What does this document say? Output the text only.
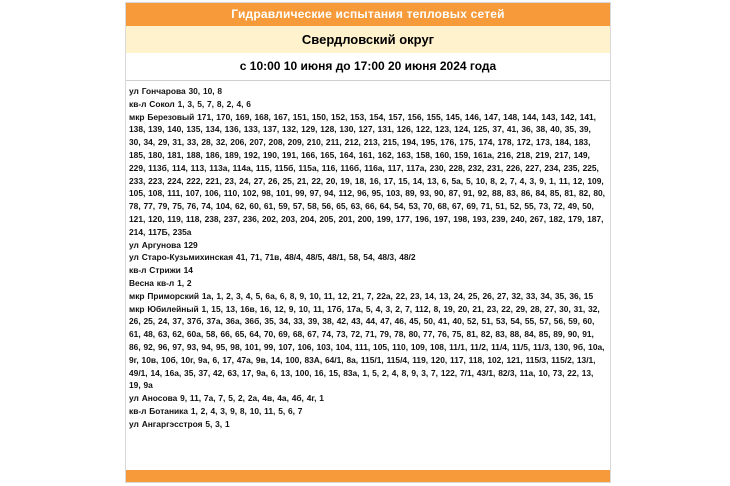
Гидравлические испытания тепловых сетей
Свердловский округ
с 10:00 10 июня до 17:00 20 июня 2024 года
ул Гончарова 30, 10, 8
кв-л Сокол 1, 3, 5, 7, 8, 2, 4, 6
мкр Березовый 171, 170, 169, 168, 167, 151, 150, 152, 153, 154, 157, 156, 155, 145, 146, 147, 148, 144, 143, 142, 141, 138, 139, 140, 135, 134, 136, 133, 137, 132, 129, 128, 130, 127, 131, 126, 122, 123, 124, 125, 37, 41, 36, 38, 40, 35, 39, 30, 34, 29, 31, 33, 28, 32, 206, 207, 208, 209, 210, 211, 212, 213, 215, 194, 195, 176, 175, 174, 178, 172, 173, 184, 183, 185, 180, 181, 188, 186, 189, 192, 190, 191, 166, 165, 164, 161, 162, 163, 158, 160, 159, 161а, 216, 218, 219, 217, 149, 229, 113б, 114, 113, 113а, 114а, 115, 115б, 115а, 116, 116б, 116а, 117, 117а, 230, 228, 232, 231, 226, 227, 234, 235, 225, 233, 223, 224, 222, 221, 23, 24, 27, 26, 25, 21, 22, 20, 19, 18, 16, 17, 15, 14, 13, 6, 5а, 5, 10, 8, 2, 7, 4, 3, 9, 1, 11, 12, 109, 105, 108, 111, 107, 106, 110, 102, 98, 101, 99, 97, 94, 112, 96, 95, 103, 89, 93, 90, 87, 91, 92, 88, 83, 86, 84, 85, 81, 82, 80, 78, 77, 79, 75, 76, 74, 104, 62, 60, 61, 59, 57, 58, 56, 65, 63, 66, 64, 54, 53, 70, 68, 67, 69, 71, 51, 52, 55, 73, 72, 49, 50, 121, 120, 119, 118, 238, 237, 236, 202, 203, 204, 205, 201, 200, 199, 177, 196, 197, 198, 193, 239, 240, 267, 182, 179, 187, 214, 117Б, 235а
ул Аргунова 129
ул Старо-Кузьмихинская 41, 71, 71в, 48/4, 48/5, 48/1, 58, 54, 48/3, 48/2
кв-л Стрижи 14
Весна кв-л 1, 2
мкр Приморский 1а, 1, 2, 3, 4, 5, 6а, 6, 8, 9, 10, 11, 12, 21, 7, 22а, 22, 23, 14, 13, 24, 25, 26, 27, 32, 33, 34, 35, 36, 15
мкр Юбилейный 1, 15, 13, 16в, 16, 12, 9, 10, 11, 17б, 17а, 5, 4, 3, 2, 7, 112, 8, 19, 20, 21, 23, 22, 29, 28, 27, 30, 31, 32, 26, 25, 24, 37, 37б, 37а, 36а, 36б, 35, 34, 33, 39, 38, 42, 43, 44, 47, 46, 45, 50, 41, 40, 52, 51, 53, 54, 55, 57, 56, 59, 60, 61, 48, 63, 62, 60а, 58, 66, 65, 64, 70, 69, 68, 67, 74, 73, 72, 71, 79, 78, 80, 77, 76, 75, 81, 82, 83, 88, 84, 85, 89, 90, 91, 86, 92, 96, 97, 93, 94, 95, 98, 101, 99, 107, 106, 103, 104, 111, 105, 110, 109, 108, 11/1, 11/2, 11/4, 11/5, 11/3, 130, 9б, 10а, 9г, 10в, 10б, 10г, 9а, 6, 17, 47а, 9в, 14, 100, 83А, 64/1, 8а, 115/1, 115/4, 119, 120, 117, 118, 102, 121, 115/3, 115/2, 13/1, 49/1, 14, 16а, 35, 37, 42, 63, 17, 9а, 6, 13, 100, 16, 15, 83а, 1, 5, 2, 4, 8, 9, 3, 7, 122, 7/1, 43/1, 82/3, 11а, 10, 73, 22, 13, 19, 9а
ул Аносова 9, 11, 7а, 7, 5, 2, 2а, 4в, 4а, 4б, 4г, 1
кв-л Ботаника 1, 2, 4, 3, 9, 8, 10, 11, 5, 6, 7
ул Ангаргэсстроя 5, 3, 1
